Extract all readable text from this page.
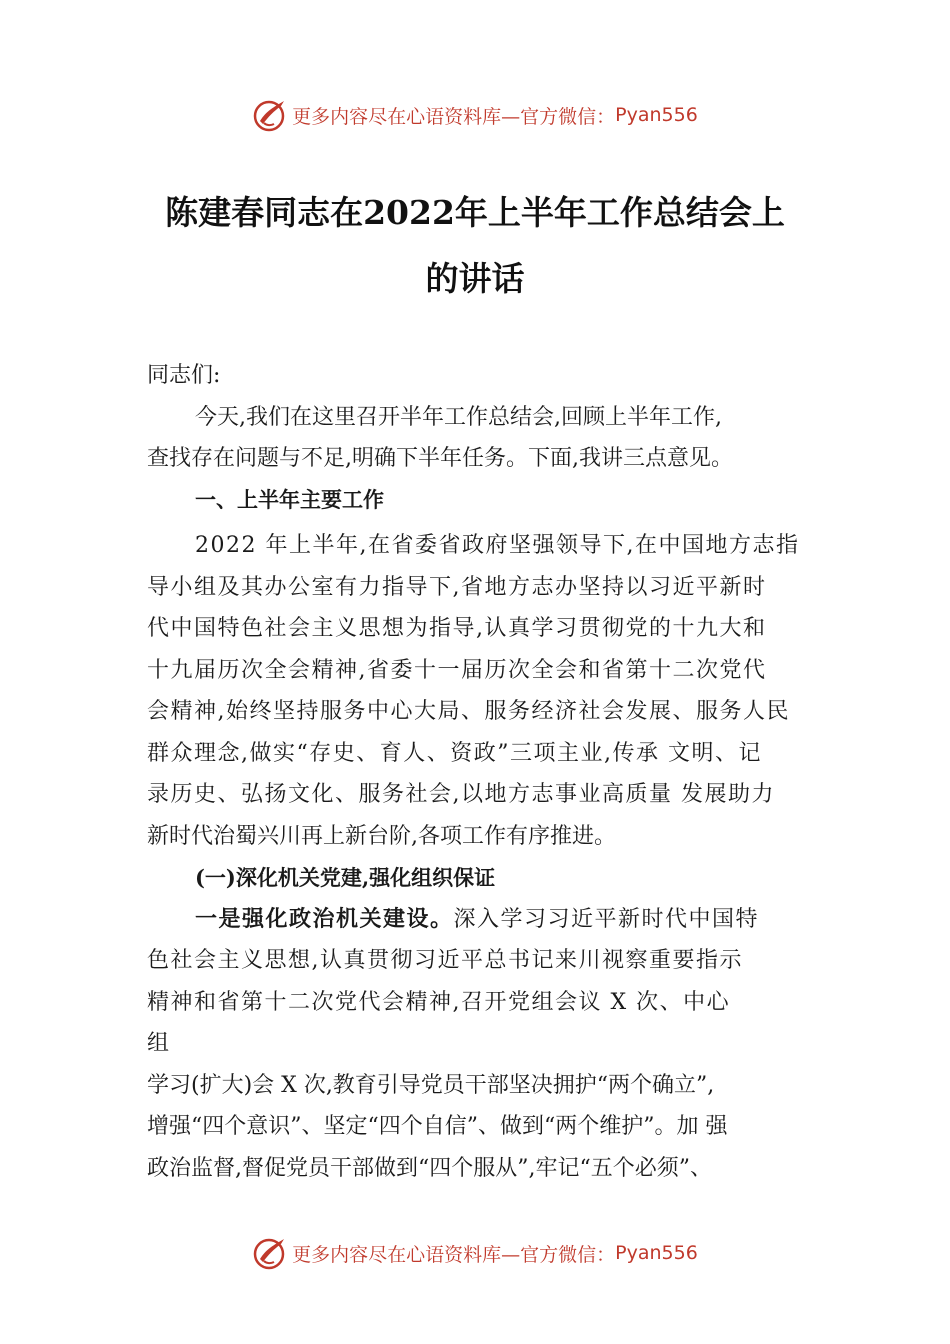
更多内容尽在心语资料库—官方微信： Pyan556
陈建春同志在2022年上半年工作总结会上
的讲话

同志们:

今天,我们在这里召开半年工作总结会,回顾上半年工作,

查找存在问题与不足,明确下半年任务。下面,我讲三点意见。

一、上半年主要工作

2022 年上半年,在省委省政府坚强领导下,在中国地方志指

导小组及其办公室有力指导下,省地方志办坚持以习近平新时

代中国特色社会主义思想为指导,认真学习贯彻党的十九大和

十九届历次全会精神,省委十一届历次全会和省第十二次党代

会精神,始终坚持服务中心大局、服务经济社会发展、服务人民

群众理念,做实“存史、育人、资政”三项主业,传承 文明、记

录历史、弘扬文化、服务社会,以地方志事业高质量 发展助力

新时代治蜀兴川再上新台阶,各项工作有序推进。

(一)深化机关党建,强化组织保证

一是强化政治机关建设。深入学习习近平新时代中国特

色社会主义思想,认真贯彻习近平总书记来川视察重要指示

精神和省第十二次党代会精神,召开党组会议 X 次、中心

组

学习(扩大)会 X 次,教育引导党员干部坚决拥护“两个确立”,

增强“四个意识”、坚定“四个自信”、做到“两个维护”。加 强

政治监督,督促党员干部做到“四个服从”,牢记“五个必须”、

更多内容尽在心语资料库—官方微信： Pyan556
